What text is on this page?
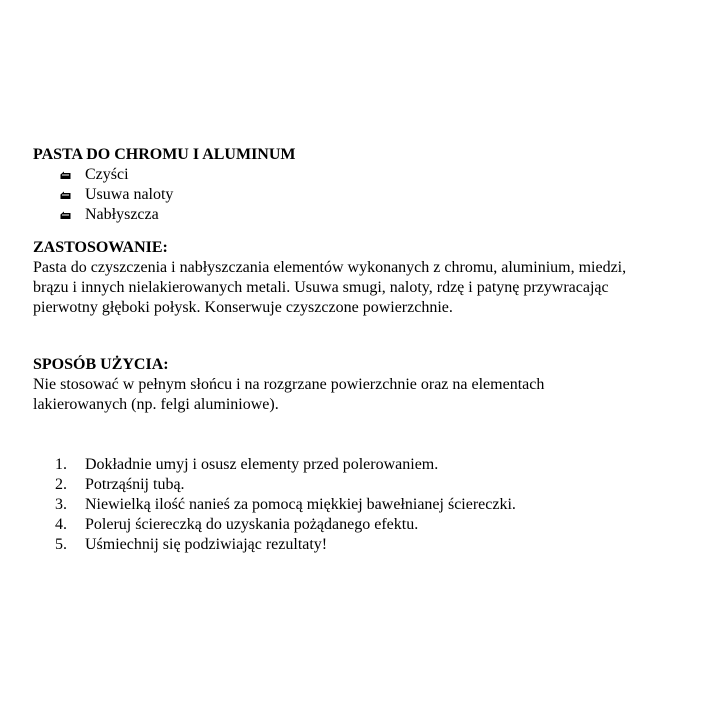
PASTA DO CHROMU I ALUMINUM

Czyści
Usuwa naloty
Nabłyszcza

ZASTOSOWANIE:

Pasta do czyszczenia i nabłyszczania elementów wykonanych z chromu, aluminium, miedzi,

brązu i innych nielakierowanych metali. Usuwa smugi, naloty, rdzę i patynę przywracając

pierwotny głęboki połysk. Konserwuje czyszczone powierzchnie.

SPOSÓB UŻYCIA:

Nie stosować w pełnym słońcu i na rozgrzane powierzchnie oraz na elementach

lakierowanych (np. felgi aluminiowe).

1.	Dokładnie umyj i osusz elementy przed polerowaniem.
2.	Potrząśnij tubą.
3.	Niewielką ilość nanieś za pomocą miękkiej bawełnianej ściereczki.
4.	Poleruj ściereczką do uzyskania pożądanego efektu.
5.	Uśmiechnij się podziwiając rezultaty!
